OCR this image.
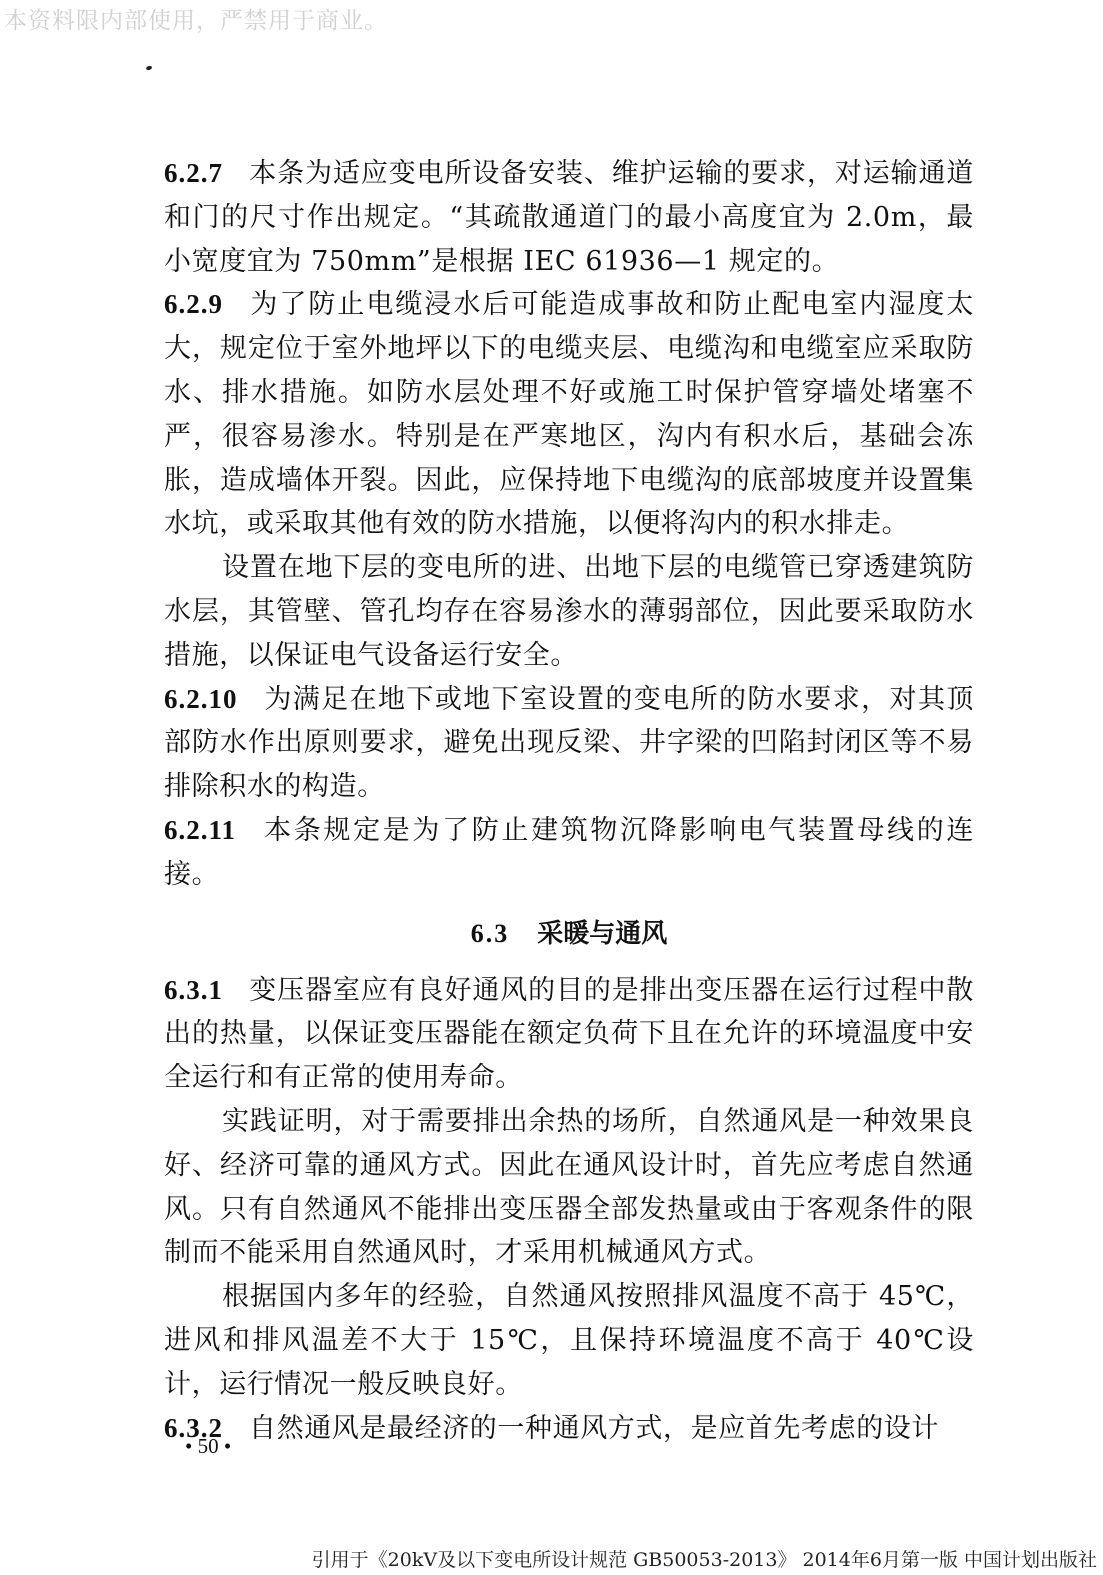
本资料限内部使用，严禁用于商业。

6.2.7 本条为适应变电所设备安装、维护运输的要求，对运输通道和门的尺寸作出规定。“其疏散通道门的最小高度宜为 2.0m，最小宽度宜为 750mm”是根据 IEC 61936—1 规定的。

6.2.9 为了防止电缆浸水后可能造成事故和防止配电室内湿度太大，规定位于室外地坪以下的电缆夹层、电缆沟和电缆室应采取防水、排水措施。如防水层处理不好或施工时保护管穿墙处堵塞不严，很容易渗水。特别是在严寒地区，沟内有积水后，基础会冻胀，造成墙体开裂。因此，应保持地下电缆沟的底部坡度并设置集水坑，或采取其他有效的防水措施，以便将沟内的积水排走。

设置在地下层的变电所的进、出地下层的电缆管已穿透建筑防水层，其管壁、管孔均存在容易渗水的薄弱部位，因此要采取防水措施，以保证电气设备运行安全。

6.2.10 为满足在地下或地下室设置的变电所的防水要求，对其顶部防水作出原则要求，避免出现反梁、井字梁的凹陷封闭区等不易排除积水的构造。

6.2.11 本条规定是为了防止建筑物沉降影响电气装置母线的连接。

6.3 采暖与通风

6.3.1 变压器室应有良好通风的目的是排出变压器在运行过程中散出的热量，以保证变压器能在额定负荷下且在允许的环境温度中安全运行和有正常的使用寿命。

实践证明，对于需要排出余热的场所，自然通风是一种效果良好、经济可靠的通风方式。因此在通风设计时，首先应考虑自然通风。只有自然通风不能排出变压器全部发热量或由于客观条件的限制而不能采用自然通风时，才采用机械通风方式。

根据国内多年的经验，自然通风按照排风温度不高于 45℃，进风和排风温差不大于 15℃，且保持环境温度不高于 40℃设计，运行情况一般反映良好。

6.3.2 自然通风是最经济的一种通风方式，是应首先考虑的设计

• 50 •
引用于《20kV及以下变电所设计规范 GB50053-2013》 2014年6月第一版 中国计划出版社
